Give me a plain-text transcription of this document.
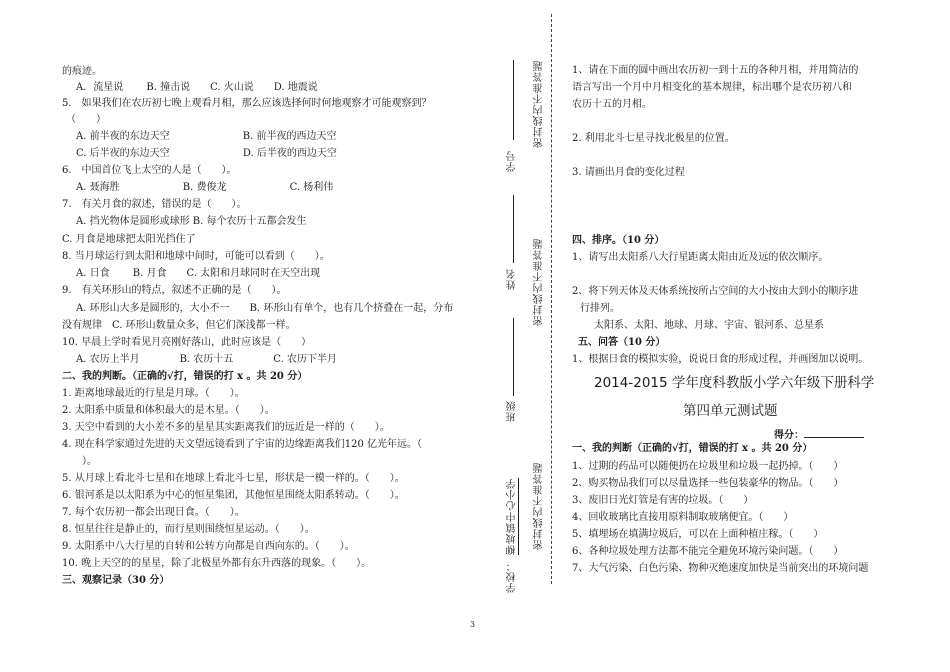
的痕迹。
A．流星说　　 B. 撞击说　　C. 火山说　　D. 地震说
5.　如果我们在农历初七晚上观看月相，那么应该选择何时何地观察才可能观察到？
（　　）
A. 前半夜的东边天空　　　　　　　 B. 前半夜的西边天空
C. 后半夜的东边天空　　　　　　　 D. 后半夜的西边天空
6.　中国首位飞上太空的人是（　　）。
A. 聂海胜　　　　　　 B. 费俊龙　　　　　　 C. 杨利伟
7.　有关月食的叙述，错误的是（　　）。
A. 挡光物体是圆形或球形 B. 每个农历十五都会发生
C. 月食是地球把太阳光挡住了
8. 当月球运行到太阳和地球中间时，可能可以看到（　　）。
A. 日食　　 B. 月食　　C. 太阳和月球同时在天空出现
9.　有关环形山的特点，叙述不正确的是（　　）。
A. 环形山大多是圆形的，大小不一　　B. 环形山有单个，也有几个挤叠在一起，分布
没有规律　C. 环形山数量众多，但它们深浅都一样。
10. 早晨上学时看见月亮刚好落山，此时应该是（　　）
A. 农历上半月　　　　B. 农历十五　　　　C. 农历下半月
二、我的判断。（正确的√打，错误的打 x 。共 20 分）
1. 距离地球最近的行星是月球。（　　）。
2. 太阳系中质量和体积最大的是木星。（　　）。
3. 天空中看到的大小差不多的星星其实距离我们的远近是一样的（　　）。
4. 现在科学家通过先进的天文望远镜看到了宇宙的边缘距离我们120 亿光年远。（
　　）。
5. 从月球上看北斗七星和在地球上看北斗七星，形状是一模一样的。（　　）。
6. 银河系是以太阳系为中心的恒星集团，其他恒星围绕太阳系转动。（　　）。
7. 每个农历初一都会出现日食。（　　）。
8. 恒星往往是静止的，而行星则围绕恒星运动。（　　）。
9. 太阳系中八大行星的自转和公转方向都是自西向东的。（　　）。
10. 晚上天空的的星星，除了北极星外都有东升西落的现象。（　　）。
三、观察记录（30 分）
密封线内不准答题
学号
密封线内不准答题
姓名
班级
学校：
柳坡镇中心小学 密封线内不准答题
1、请在下面的圆中画出农历初一到十五的各种月相，并用简洁的
语言写出一个月中月相变化的基本规律，标出哪个是农历初八和
农历十五的月相。
2. 利用北斗七星寻找北极星的位置。
3. 请画出月食的变化过程
四、排序。（10 分）
1、请写出太阳系八大行星距离太阳由近及远的依次顺序。
2、将下列天体及天体系统按所占空间的大小按由大到小的顺序进
行排列。
太阳系、太阳、地球、月球、宇宙、银河系、总星系
五、问答（10 分）
1、根据日食的模拟实验，说说日食的形成过程，并画图加以说明。
2014-2015 学年度科教版小学六年级下册科学
第四单元测试题
得分：
一、我的判断（正确的√打，错误的打 x 。共 20 分）
1、过期的药品可以随便扔在垃圾里和垃圾一起扔掉。（　　）
2、购买物品我们可以尽量选择一些包装豪华的物品。（　　）
3、废旧日光灯管是有害的垃圾。（　　）
4、回收玻璃比直接用原料制取玻璃便宜。（　　）
5、填埋场在填满垃圾后，可以在上面种植庄稼。（　　）
6、各种垃圾处理方法都不能完全避免环境污染问题。（　　）
7、大气污染、白色污染、物种灭绝速度加快是当前突出的环境问题
3
